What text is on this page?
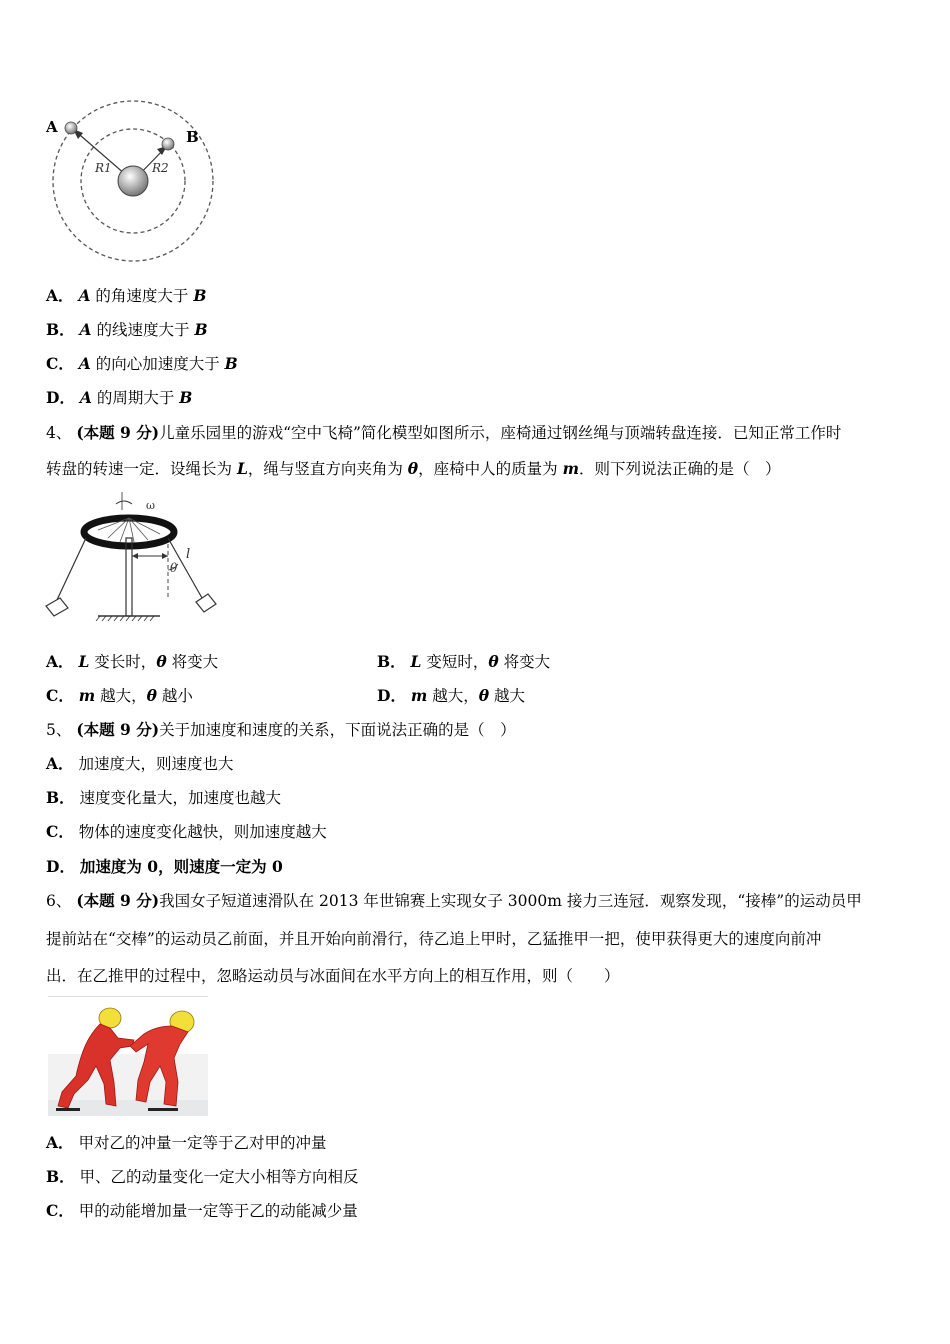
A
B
R1	R2
A． A 的角速度大于 B
B． A 的线速度大于 B
C． A 的向心加速度大于 B
D． A 的周期大于 B
4、 (本题 9 分)儿童乐园里的游戏“空中飞椅”简化模型如图所示，座椅通过钢丝绳与顶端转盘连接．已知正常工作时
转盘的转速一定．设绳长为 L，绳与竖直方向夹角为 θ，座椅中人的质量为 m．则下列说法正确的是（　）
ω
θ
l
A． L 变长时，θ 将变大	B． L 变短时，θ 将变大
C． m 越大，θ 越小	D． m 越大，θ 越大
5、 (本题 9 分)关于加速度和速度的关系，下面说法正确的是（　）
A． 加速度大，则速度也大
B． 速度变化量大，加速度也越大
C． 物体的速度变化越快，则加速度越大
D． 加速度为 0，则速度一定为 0
6、 (本题 9 分)我国女子短道速滑队在 2013 年世锦赛上实现女子 3000m 接力三连冠．观察发现，“接棒”的运动员甲
提前站在“交棒”的运动员乙前面，并且开始向前滑行，待乙追上甲时，乙猛推甲一把，使甲获得更大的速度向前冲
出．在乙推甲的过程中，忽略运动员与冰面间在水平方向上的相互作用，则（　　）
A． 甲对乙的冲量一定等于乙对甲的冲量
B． 甲、乙的动量变化一定大小相等方向相反
C． 甲的动能增加量一定等于乙的动能减少量
